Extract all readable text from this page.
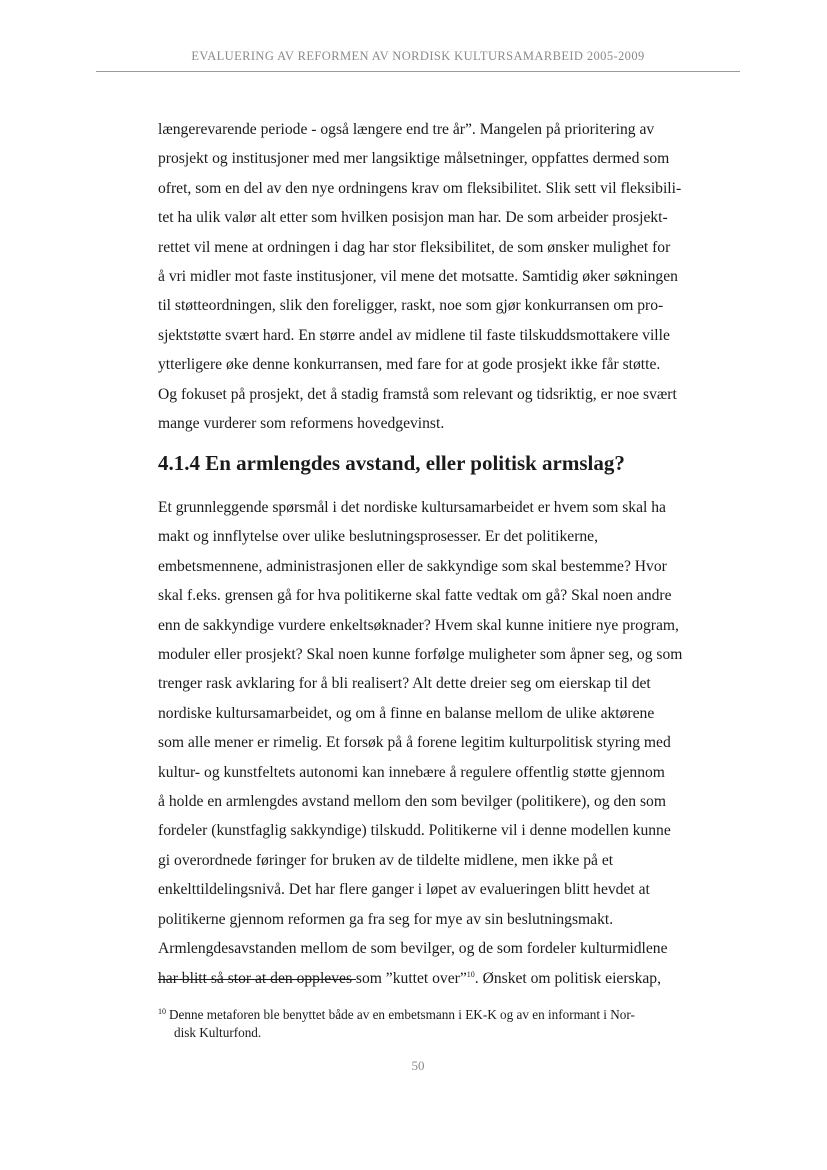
EVALUERING AV REFORMEN AV NORDISK KULTURSAMARBEID 2005-2009
længerevarende periode - også længere end tre år”. Mangelen på prioritering av
prosjekt og institusjoner med mer langsiktige målsetninger, oppfattes dermed som
ofret, som en del av den nye ordningens krav om fleksibilitet. Slik sett vil fleksibili-
tet ha ulik valør alt etter som hvilken posisjon man har. De som arbeider prosjekt-
rettet vil mene at ordningen i dag har stor fleksibilitet, de som ønsker mulighet for
å vri midler mot faste institusjoner, vil mene det motsatte. Samtidig øker søkningen
til støtteordningen, slik den foreligger, raskt, noe som gjør konkurransen om pro-
sjektstøtte svært hard. En større andel av midlene til faste tilskuddsmottakere ville
ytterligere øke denne konkurransen, med fare for at gode prosjekt ikke får støtte.
Og fokuset på prosjekt, det å stadig framstå som relevant og tidsriktig, er noe svært
mange vurderer som reformens hovedgevinst.
4.1.4 En armlengdes avstand, eller politisk armslag?
Et grunnleggende spørsmål i det nordiske kultursamarbeidet er hvem som skal ha
makt og innflytelse over ulike beslutningsprosesser. Er det politikerne,
embetsmennene, administrasjonen eller de sakkyndige som skal bestemme? Hvor
skal f.eks. grensen gå for hva politikerne skal fatte vedtak om gå? Skal noen andre
enn de sakkyndige vurdere enkeltsøknader? Hvem skal kunne initiere nye program,
moduler eller prosjekt? Skal noen kunne forfølge muligheter som åpner seg, og som
trenger rask avklaring for å bli realisert? Alt dette dreier seg om eierskap til det
nordiske kultursamarbeidet, og om å finne en balanse mellom de ulike aktørene
som alle mener er rimelig. Et forsøk på å forene legitim kulturpolitisk styring med
kultur- og kunstfeltets autonomi kan innebære å regulere offentlig støtte gjennom
å holde en armlengdes avstand mellom den som bevilger (politikere), og den som
fordeler (kunstfaglig sakkyndige) tilskudd. Politikerne vil i denne modellen kunne
gi overordnede føringer for bruken av de tildelte midlene, men ikke på et
enkelttildelingsnivå. Det har flere ganger i løpet av evalueringen blitt hevdet at
politikerne gjennom reformen ga fra seg for mye av sin beslutningsmakt.
Armlengdesavstanden mellom de som bevilger, og de som fordeler kulturmidlene
har blitt så stor at den oppleves som ”kuttet over”$^{10}$. Ønsket om politisk eierskap,
$^{10}$ Denne metaforen ble benyttet både av en embetsmann i EK-K og av en informant i Nor-
disk Kulturfond.
50
